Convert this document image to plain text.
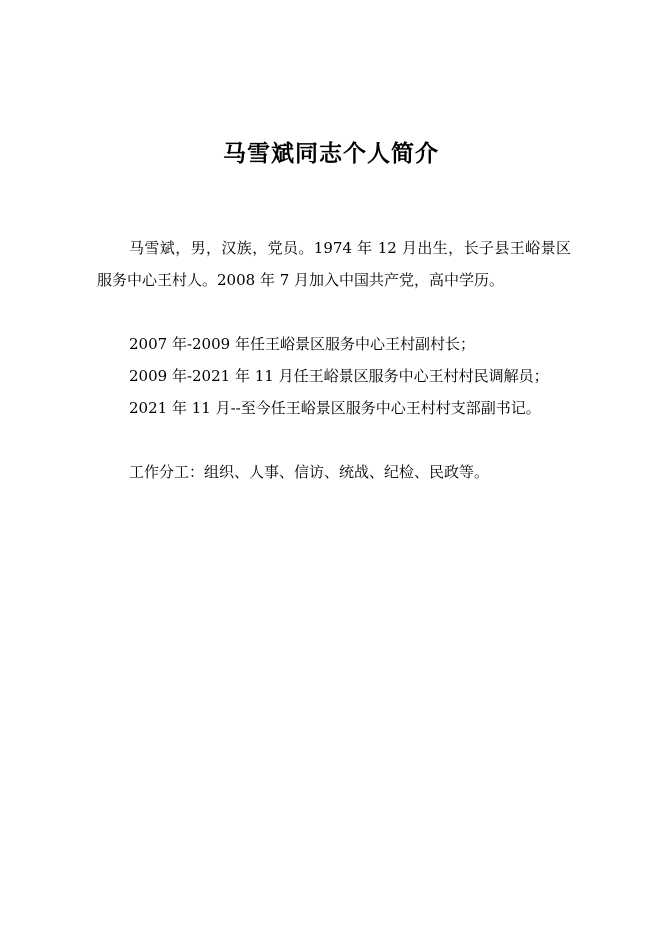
马雪斌同志个人简介

马雪斌，男，汉族，党员。1974 年 12 月出生，长子县王峪景区服务中心王村人。2008 年 7 月加入中国共产党，高中学历。

2007 年-2009 年任王峪景区服务中心王村副村长；

2009 年-2021 年 11 月任王峪景区服务中心王村村民调解员；

2021 年 11 月--至今任王峪景区服务中心王村村支部副书记。

工作分工：组织、人事、信访、统战、纪检、民政等。
